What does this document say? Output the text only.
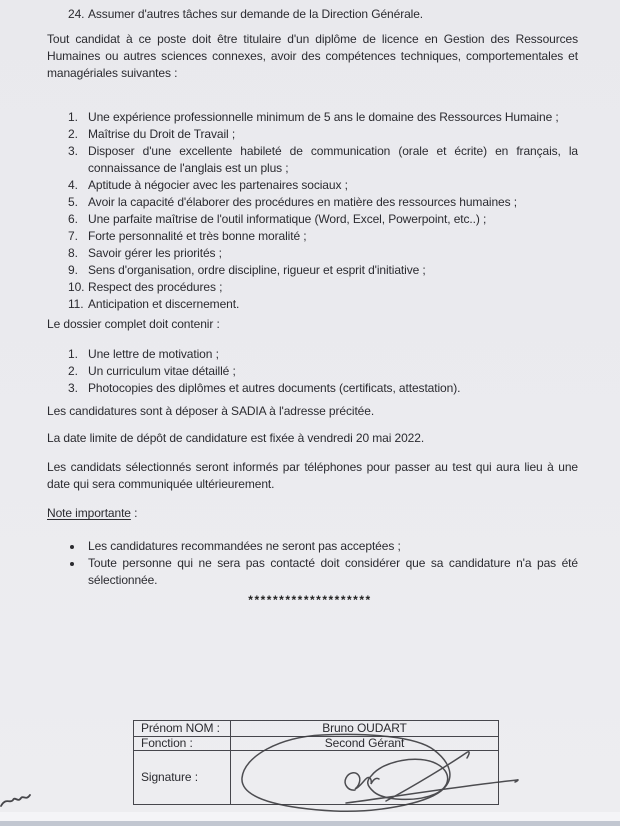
24. Assumer d'autres tâches sur demande de la Direction Générale.
Tout candidat à ce poste doit être titulaire d'un diplôme de licence en Gestion des Ressources Humaines ou autres sciences connexes, avoir des compétences techniques, comportementales et managériales suivantes :
1. Une expérience professionnelle minimum de 5 ans le domaine des Ressources Humaine ;
2. Maîtrise du Droit de Travail ;
3. Disposer d'une excellente habileté de communication (orale et écrite) en français, la connaissance de l'anglais est un plus ;
4. Aptitude à négocier avec les partenaires sociaux ;
5. Avoir la capacité d'élaborer des procédures en matière des ressources humaines ;
6. Une parfaite maîtrise de l'outil informatique (Word, Excel, Powerpoint, etc..) ;
7. Forte personnalité et très bonne moralité ;
8. Savoir gérer les priorités ;
9. Sens d'organisation, ordre discipline, rigueur et esprit d'initiative ;
10. Respect des procédures ;
11. Anticipation et discernement.
Le dossier complet doit contenir :
1. Une lettre de motivation ;
2. Un curriculum vitae détaillé ;
3. Photocopies des diplômes et autres documents (certificats, attestation).
Les candidatures sont à déposer à SADIA à l'adresse précitée.
La date limite de dépôt de candidature est fixée à vendredi 20 mai 2022.
Les candidats sélectionnés seront informés par téléphones pour passer au test qui aura lieu à une date qui sera communiquée ultérieurement.
Note importante :
Les candidatures recommandées ne seront pas acceptées ;
Toute personne qui ne sera pas contacté doit considérer que sa candidature n'a pas été sélectionnée.
********************
Prénom NOM :	Bruno OUDART
Fonction :	Second Gérant
Signature :
